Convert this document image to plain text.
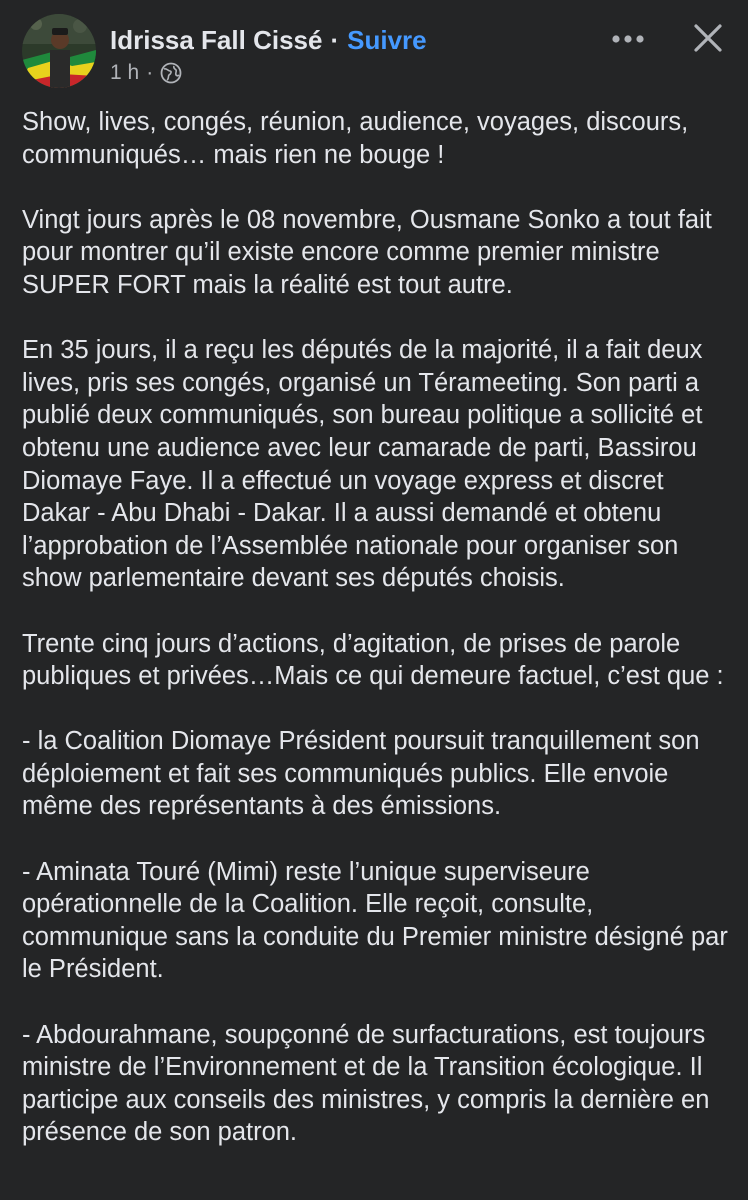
Idrissa Fall Cissé · Suivre
1 h ·

Show, lives, congés, réunion, audience, voyages, discours, communiqués… mais rien ne bouge !

Vingt jours après le 08 novembre, Ousmane Sonko a tout fait pour montrer qu’il existe encore comme premier ministre SUPER FORT mais la réalité est tout autre.

En 35 jours, il a reçu les députés de la majorité, il a fait deux lives, pris ses congés, organisé un Térameeting. Son parti a publié deux communiqués, son bureau politique a sollicité et obtenu une audience avec leur camarade de parti, Bassirou Diomaye Faye. Il a effectué un voyage express et discret Dakar - Abu Dhabi - Dakar. Il a aussi demandé et obtenu l’approbation de l’Assemblée nationale pour organiser son show parlementaire devant ses députés choisis.

Trente cinq jours d’actions, d’agitation, de prises de parole publiques et privées…Mais ce qui demeure factuel, c’est que :

- la Coalition Diomaye Président poursuit tranquillement son déploiement et fait ses communiqués publics. Elle envoie même des représentants à des émissions.

- Aminata Touré (Mimi) reste l’unique superviseure opérationnelle de la Coalition. Elle reçoit, consulte, communique sans la conduite du Premier ministre désigné par le Président.

- Abdourahmane, soupçonné de surfacturations, est toujours ministre de l’Environnement et de la Transition écologique. Il participe aux conseils des ministres, y compris la dernière en présence de son patron.
